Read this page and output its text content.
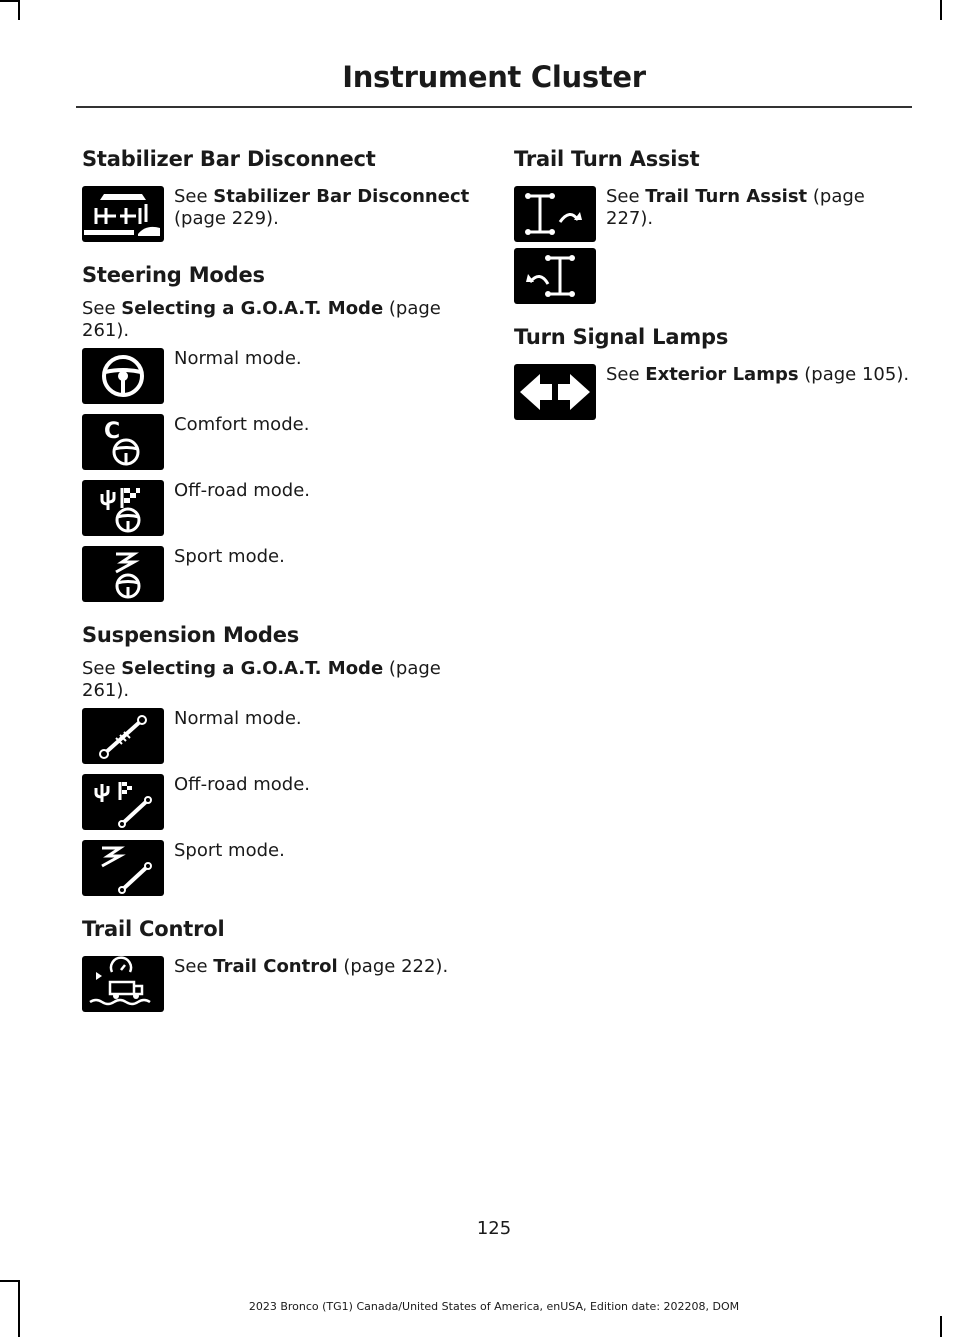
Instrument Cluster
Stabilizer Bar Disconnect
See Stabilizer Bar Disconnect
(page 229).
Steering Modes

See Selecting a G.O.A.T. Mode (page 261).

Normal mode.
C	Comfort mode.
Off-road mode.
Sport mode.
Suspension Modes

See Selecting a G.O.A.T. Mode (page 261).

Normal mode.
Off-road mode.
Sport mode.
Trail Control
See Trail Control (page 222).
Trail Turn Assist
See Trail Turn Assist (page 227).
Turn Signal Lamps
See Exterior Lamps (page 105).
125
2023 Bronco (TG1) Canada/United States of America, enUSA, Edition date: 202208, DOM
